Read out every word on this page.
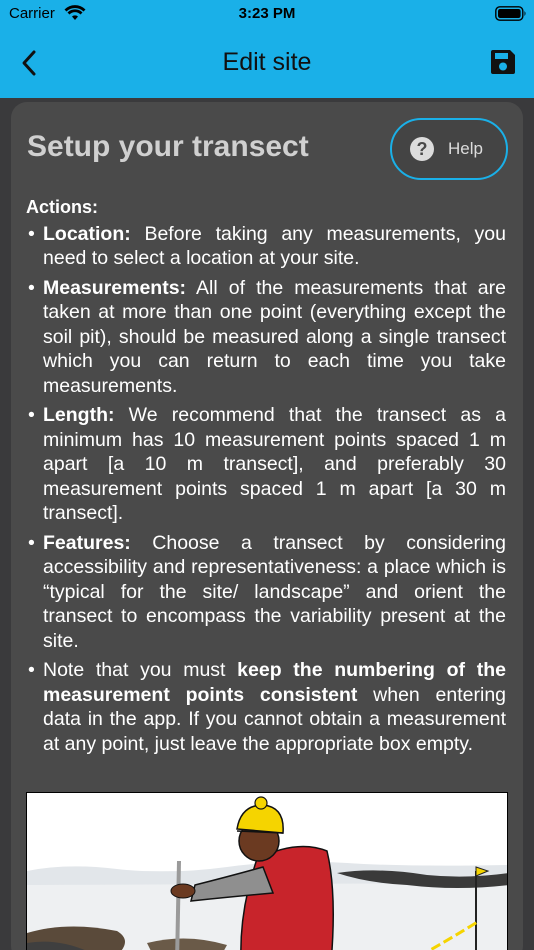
Carrier	3:23 PM
Edit site
Setup your transect	?	Help
Actions:
• Location: Before taking any measurements, you need to select a location at your site.
• Measurements: All of the measurements that are taken at more than one point (everything except the soil pit), should be measured along a single transect which you can return to each time you take measurements.
• Length: We recommend that the transect as a minimum has 10 measurement points spaced 1 m apart [a 10 m transect], and preferably 30 measurement points spaced 1 m apart [a 30 m transect].
• Features: Choose a transect by considering accessibility and representativeness: a place which is “typical for the site/ landscape” and orient the transect to encompass the variability present at the site.
• Note that you must keep the numbering of the measurement points consistent when entering data in the app. If you cannot obtain a measurement at any point, just leave the appropriate box empty.
